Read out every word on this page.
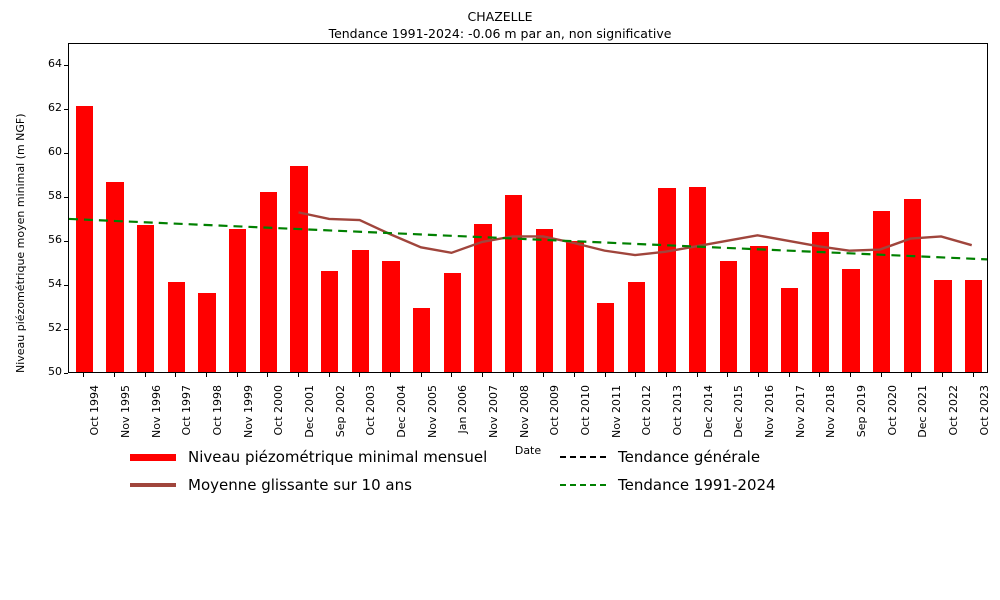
CHAZELLE
Tendance 1991-2024: -0.06 m par an, non significative
Niveau piézométrique moyen minimal (m NGF)	50
52
54
56
58
60
62
64
Oct 1994 Nov 1995 Nov 1996 Oct 1997 Oct 1998 Nov 1999 Oct 2000 Dec 2001 Sep 2002 Oct 2003 Dec 2004 Nov 2005 Jan 2006 Nov 2007 Nov 2008 Oct 2009 Oct 2010 Nov 2011 Oct 2012 Oct 2013 Dec 2014 Dec 2015 Nov 2016 Nov 2017 Nov 2018 Sep 2019 Oct 2020 Dec 2021 Oct 2022 Oct 2023
Date
Niveau piézométrique minimal mensuel	Tendance générale
Moyenne glissante sur 10 ans	Tendance 1991-2024
